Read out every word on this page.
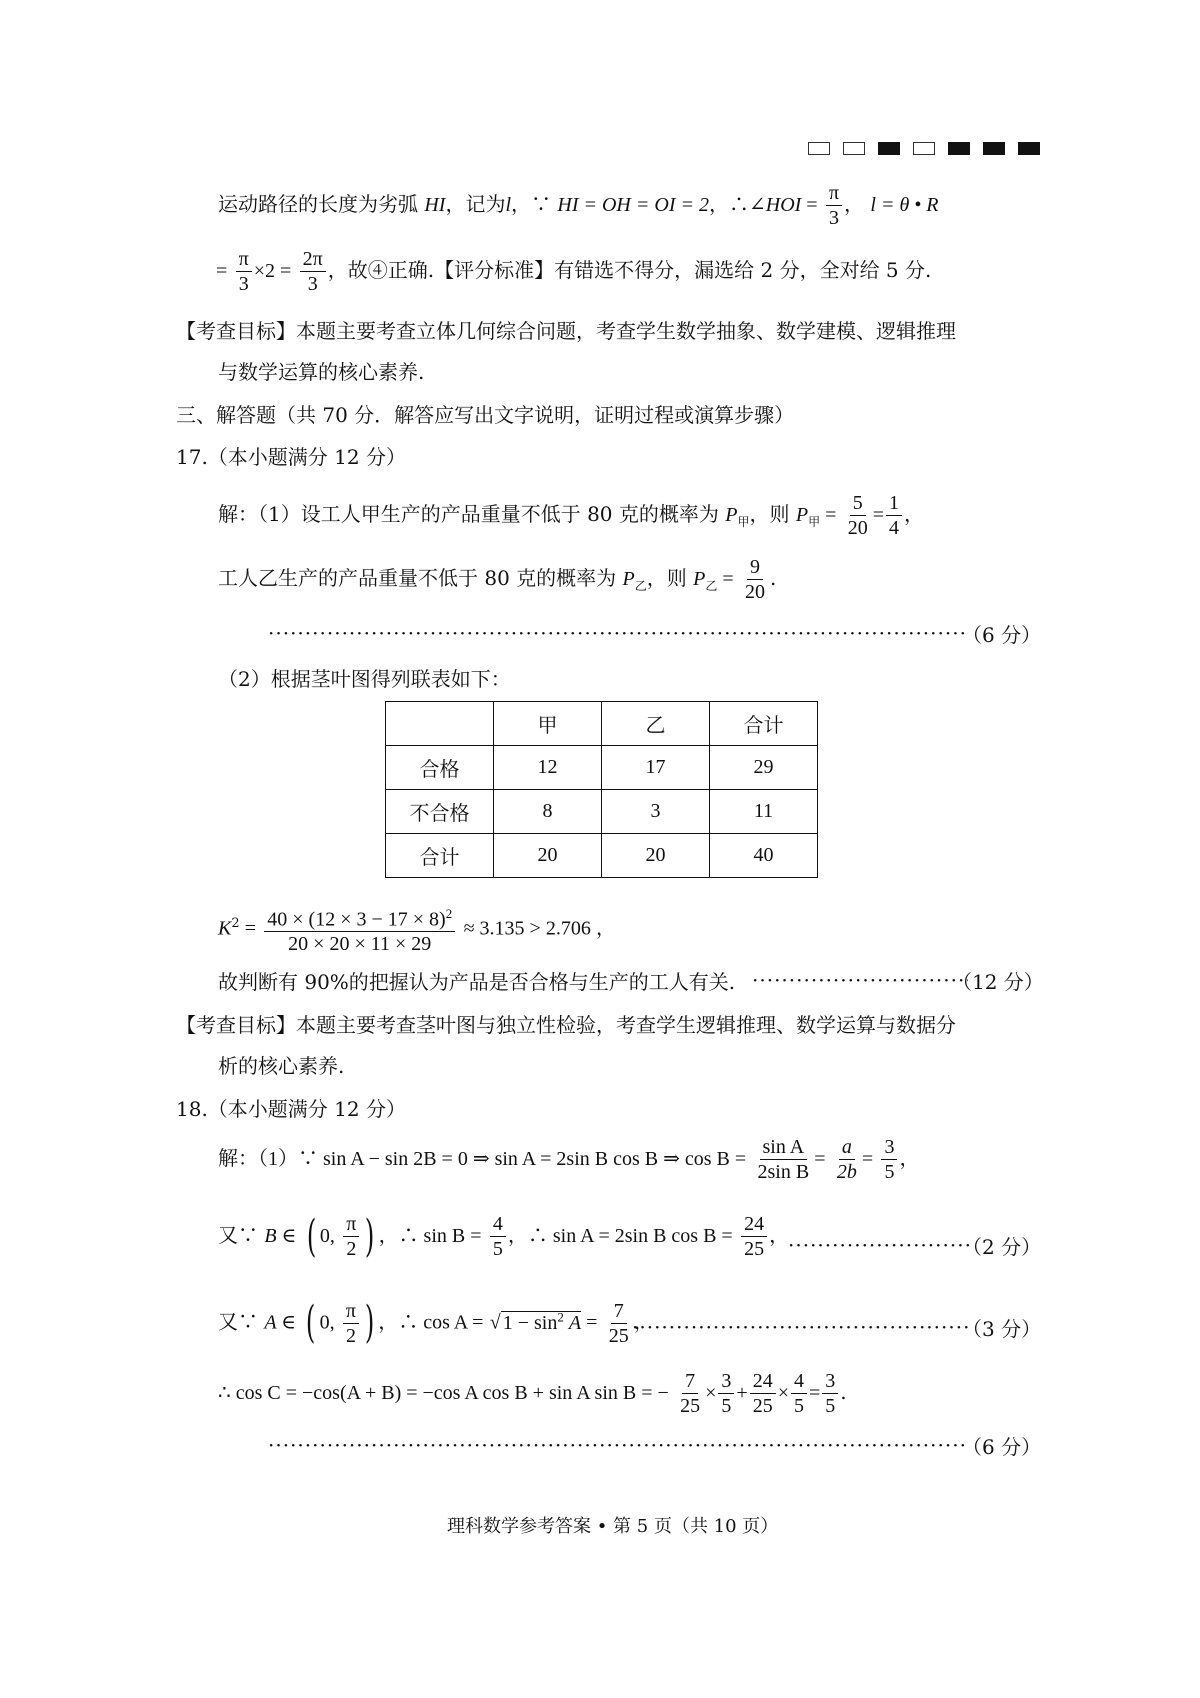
运动路径的长度为劣弧 HI，记为l，∵ HI = OH = OI = 2，∴∠HOI = $\frac{\pi}{3}$ ， l = θ • R
= $\frac{\pi}{3} \times 2 = \frac{2\pi}{3}$ ，故④正确.【评分标准】有错选不得分，漏选给 2 分，全对给 5 分.
【考查目标】本题主要考查立体几何综合问题，考查学生数学抽象、数学建模、逻辑推理
与数学运算的核心素养.
三、解答题（共 70 分．解答应写出文字说明，证明过程或演算步骤）
17.（本小题满分 12 分）
解：（1）设工人甲生产的产品重量不低于 80 克的概率为 $P_甲$，则 $P_甲 = \frac{5}{20} = \frac{1}{4}$ ，
工人乙生产的产品重量不低于 80 克的概率为 $P_乙$，则 $P_乙 = \frac{9}{20}$ .
·····
（6 分）
（2）根据茎叶图得列联表如下：
	甲	乙	合计
合格	12	17	29
不合格	8	3	11
合计	20	20	40
$K^2 = \frac{40 \times (12 \times 3 - 17 \times 8)^2}{20 \times 20 \times 11 \times 29} \approx 3.135 > 2.706$ ，
故判断有 90%的把握认为产品是否合格与生产的工人有关. ·····	（12 分）
【考查目标】本题主要考查茎叶图与独立性检验，考查学生逻辑推理、数学运算与数据分
析的核心素养.
18.（本小题满分 12 分）
解：（1）∵ sin A − sin 2B = 0 ⇒ sin A = 2sin B cos B ⇒ $\cos B = \frac{\text{sin A}}{\text{2sin B}} = \frac{a}{2b} = \frac{3}{5}$ ，
又∵ B ∈ ( 0, $\frac{\pi}{2}$ ) ，∴ $\sin B = \frac{4}{5}$ ，∴ sin A = 2sin B $\cos B = \frac{24}{25}$ ， ·····	（2 分）
又∵ A ∈ ( 0, $\frac{\pi}{2}$ ) ，∴ cos A = √ $1 - \sin^2 A = \frac{7}{25}$ ， ·····	（3 分）
∴ cos C = −cos(A + B) = −cos A cos B + sin A sin B = − $\frac{7}{25} \times \frac{3}{5} + \frac{24}{25} \times \frac{4}{5} = \frac{3}{5}$ .
·····
（6 分）
理科数学参考答案 • 第 5 页（共 10 页）
